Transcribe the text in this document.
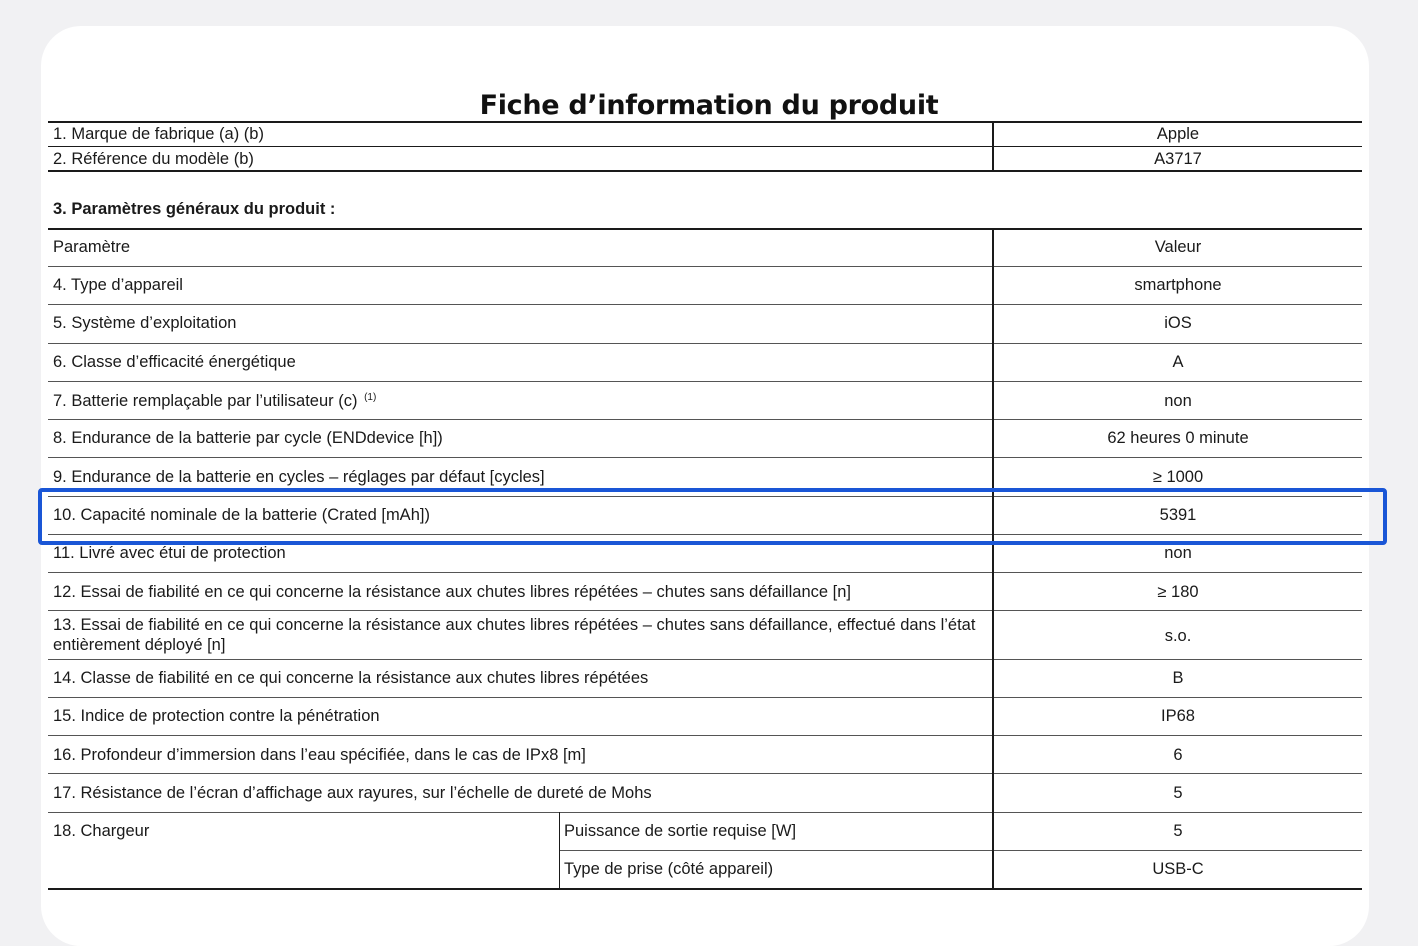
Fiche d’information du produit
1. Marque de fabrique (a) (b)	Apple
2. Référence du modèle (b)	A3717
3. Paramètres généraux du produit :
Paramètre	Valeur
4. Type d’appareil	smartphone
5. Système d’exploitation	iOS
6. Classe d’efficacité énergétique	A
7. Batterie remplaçable par l’utilisateur (c) $^{(1)}$	non
8. Endurance de la batterie par cycle (ENDdevice [h])	62 heures 0 minute
9. Endurance de la batterie en cycles – réglages par défaut [cycles]	≥ 1000
10. Capacité nominale de la batterie (Crated [mAh])	5391
11. Livré avec étui de protection	non
12. Essai de fiabilité en ce qui concerne la résistance aux chutes libres répétées – chutes sans défaillance [n]	≥ 180
13. Essai de fiabilité en ce qui concerne la résistance aux chutes libres répétées – chutes sans défaillance, effectué dans l’état entièrement déployé [n]	s.o.
14. Classe de fiabilité en ce qui concerne la résistance aux chutes libres répétées	B
15. Indice de protection contre la pénétration	IP68
16. Profondeur d’immersion dans l’eau spécifiée, dans le cas de IPx8 [m]	6
17. Résistance de l’écran d’affichage aux rayures, sur l’échelle de dureté de Mohs	5
18. Chargeur	Puissance de sortie requise [W]	5
Type de prise (côté appareil)	USB-C
